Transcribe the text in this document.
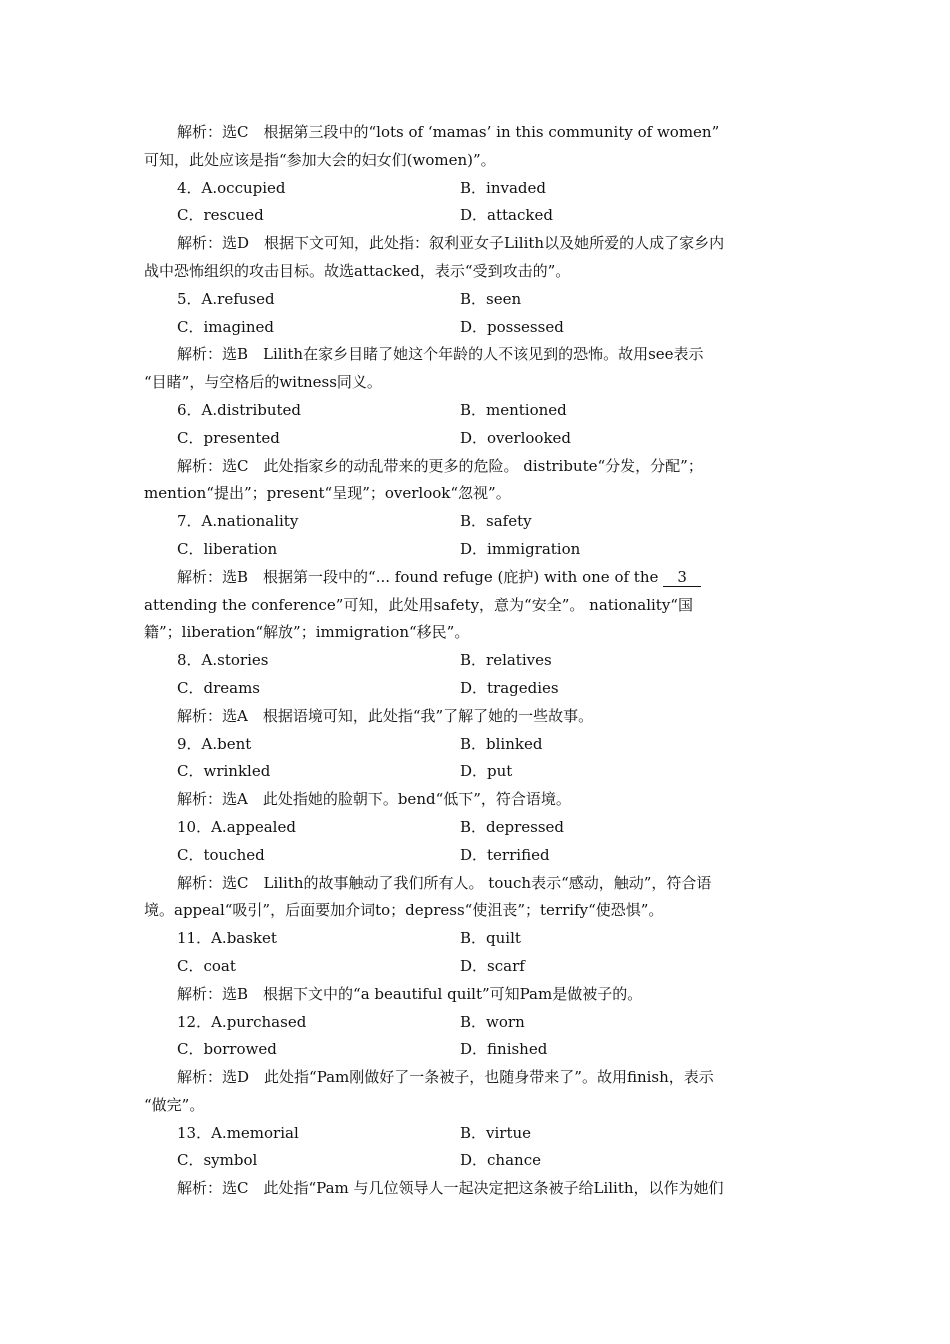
解析：选C　根据第三段中的“lots of ‘mamas’ in this community of women”
可知，此处应该是指“参加大会的妇女们(women)”。
4．A.occupied	B．invaded
C．rescued	D．attacked
解析：选D　根据下文可知，此处指：叙利亚女子Lilith以及她所爱的人成了家乡内
战中恐怖组织的攻击目标。故选attacked，表示“受到攻击的”。
5．A.refused	B．seen
C．imagined	D．possessed
解析：选B　Lilith在家乡目睹了她这个年龄的人不该见到的恐怖。故用see表示
“目睹”，与空格后的witness同义。
6．A.distributed	B．mentioned
C．presented	D．overlooked
解析：选C　此处指家乡的动乱带来的更多的危险。 distribute“分发，分配”；
mention“提出”；present“呈现”；overlook“忽视”。
7．A.nationality	B．safety
C．liberation	D．immigration
解析：选B　根据第一段中的“... found refuge (庇护) with one of the 3
attending the conference”可知，此处用safety，意为“安全”。 nationality“国
籍”；liberation“解放”；immigration“移民”。
8．A.stories	B．relatives
C．dreams	D．tragedies
解析：选A　根据语境可知，此处指“我”了解了她的一些故事。
9．A.bent	B．blinked
C．wrinkled	D．put
解析：选A　此处指她的脸朝下。bend“低下”，符合语境。
10．A.appealed	B．depressed
C．touched	D．terrified
解析：选C　Lilith的故事触动了我们所有人。 touch表示“感动，触动”，符合语
境。appeal“吸引”，后面要加介词to；depress“使沮丧”；terrify“使恐惧”。
11．A.basket	B．quilt
C．coat	D．scarf
解析：选B　根据下文中的“a beautiful quilt”可知Pam是做被子的。
12．A.purchased	B．worn
C．borrowed	D．finished
解析：选D　此处指“Pam刚做好了一条被子，也随身带来了”。故用finish，表示
“做完”。
13．A.memorial	B．virtue
C．symbol	D．chance
解析：选C　此处指“Pam 与几位领导人一起决定把这条被子给Lilith，以作为她们
